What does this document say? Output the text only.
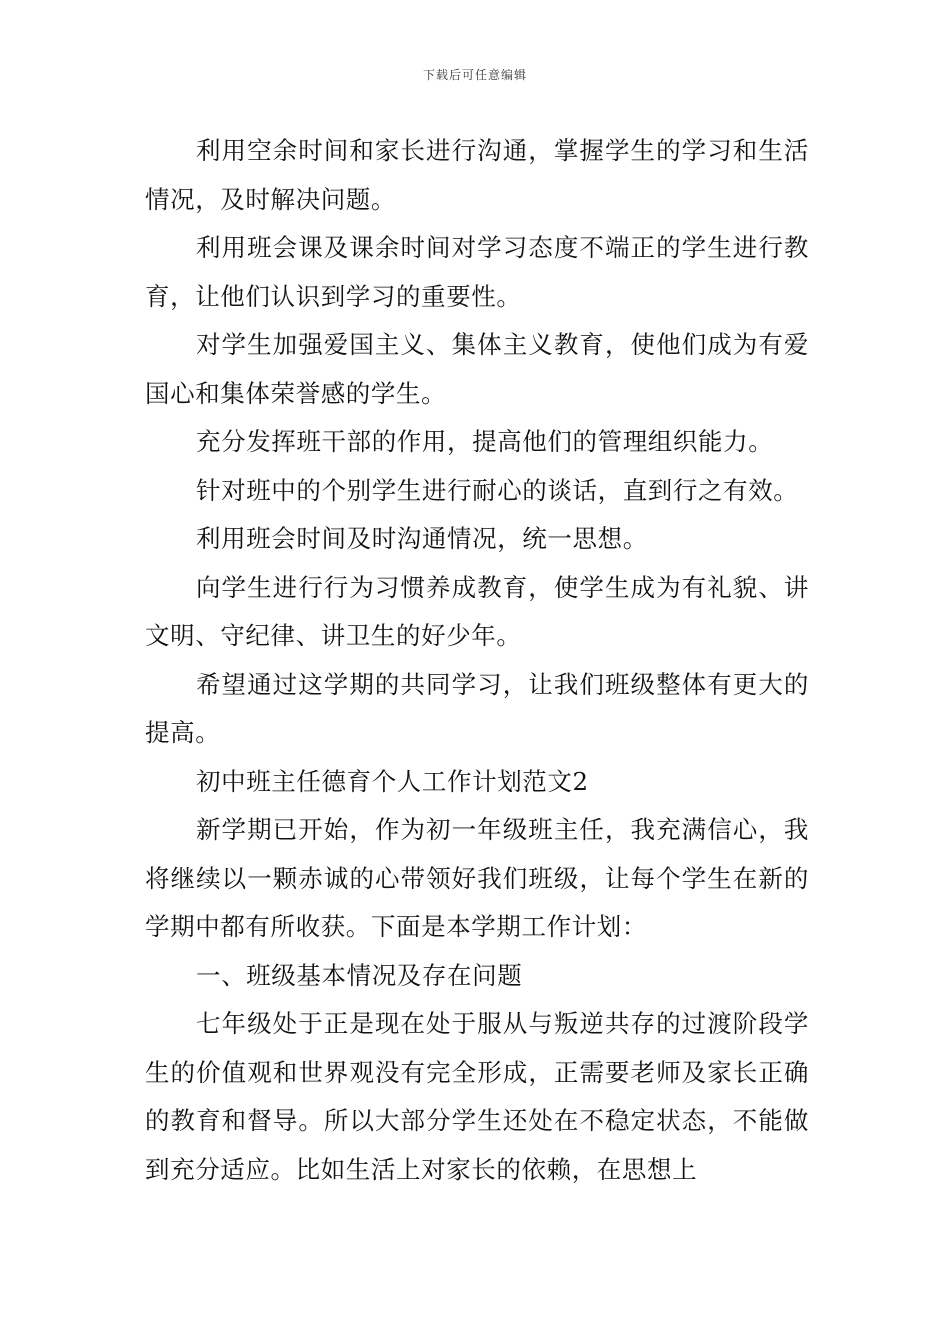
下载后可任意编辑

利用空余时间和家长进行沟通，掌握学生的学习和生活情况，及时解决问题。

利用班会课及课余时间对学习态度不端正的学生进行教育，让他们认识到学习的重要性。

对学生加强爱国主义、集体主义教育，使他们成为有爱国心和集体荣誉感的学生。

充分发挥班干部的作用，提高他们的管理组织能力。

针对班中的个别学生进行耐心的谈话，直到行之有效。

利用班会时间及时沟通情况，统一思想。

向学生进行行为习惯养成教育，使学生成为有礼貌、讲文明、守纪律、讲卫生的好少年。

希望通过这学期的共同学习，让我们班级整体有更大的提高。

初中班主任德育个人工作计划范文2

新学期已开始，作为初一年级班主任，我充满信心，我将继续以一颗赤诚的心带领好我们班级，让每个学生在新的学期中都有所收获。下面是本学期工作计划：

一、班级基本情况及存在问题

七年级处于正是现在处于服从与叛逆共存的过渡阶段学生的价值观和世界观没有完全形成，正需要老师及家长正确的教育和督导。所以大部分学生还处在不稳定状态，不能做到充分适应。比如生活上对家长的依赖，在思想上
